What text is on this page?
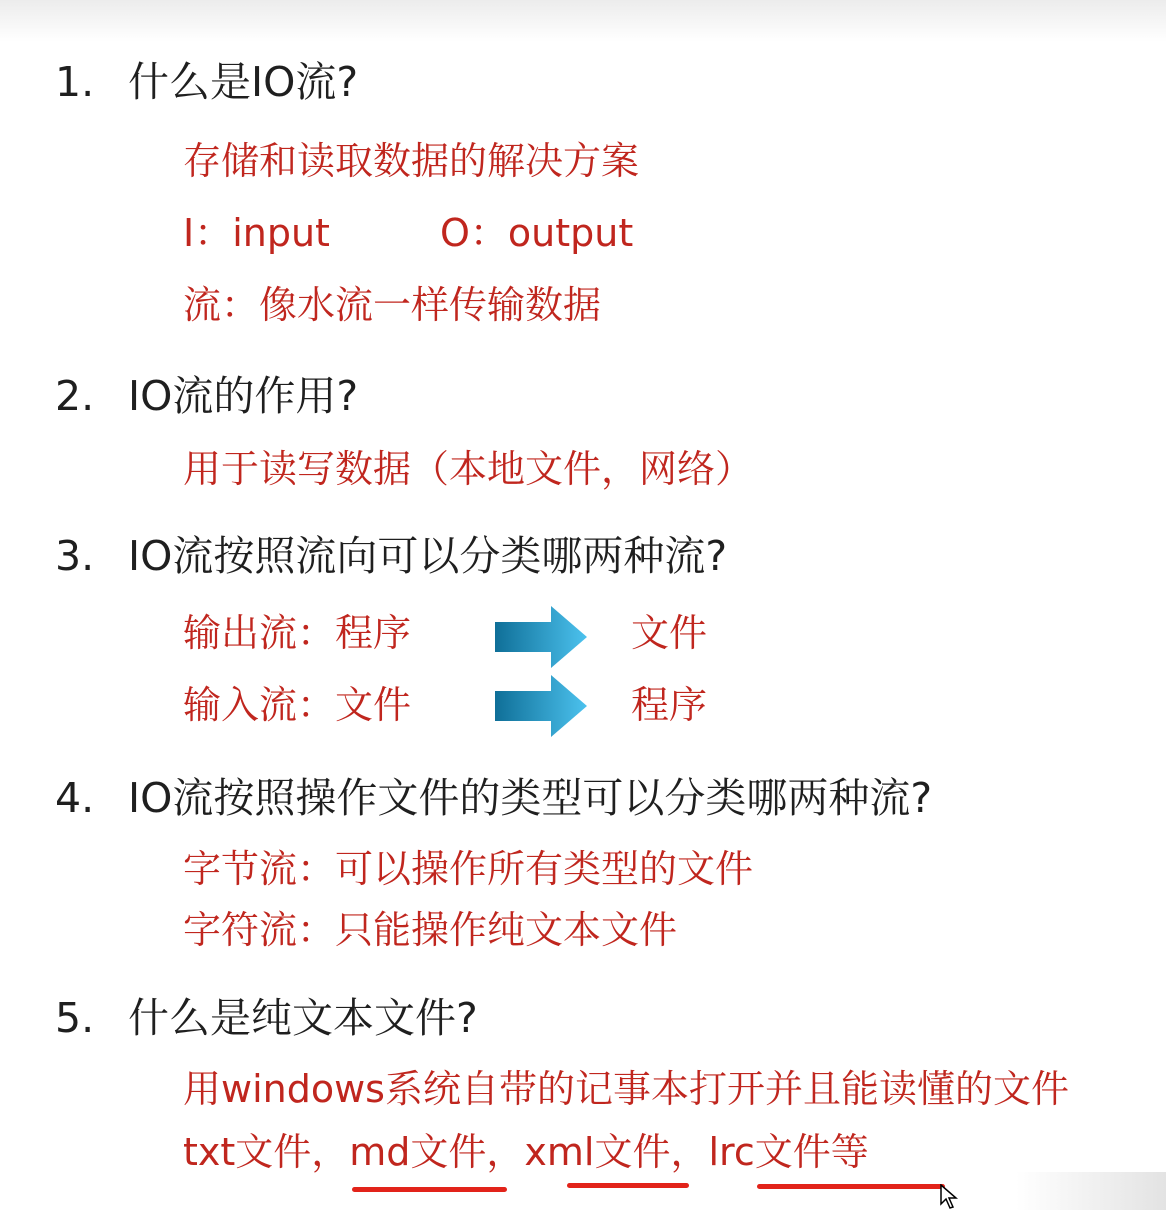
1. 什么是IO流?
存储和读取数据的解决方案
I：input	O：output
流：像水流一样传输数据
2. IO流的作用?
用于读写数据（本地文件，网络）
3. IO流按照流向可以分类哪两种流?
输出流：程序	文件
输入流：文件	程序
4. IO流按照操作文件的类型可以分类哪两种流?
字节流：可以操作所有类型的文件
字符流：只能操作纯文本文件
5. 什么是纯文本文件?
用windows系统自带的记事本打开并且能读懂的文件
txt文件，md文件，xml文件，lrc文件等
